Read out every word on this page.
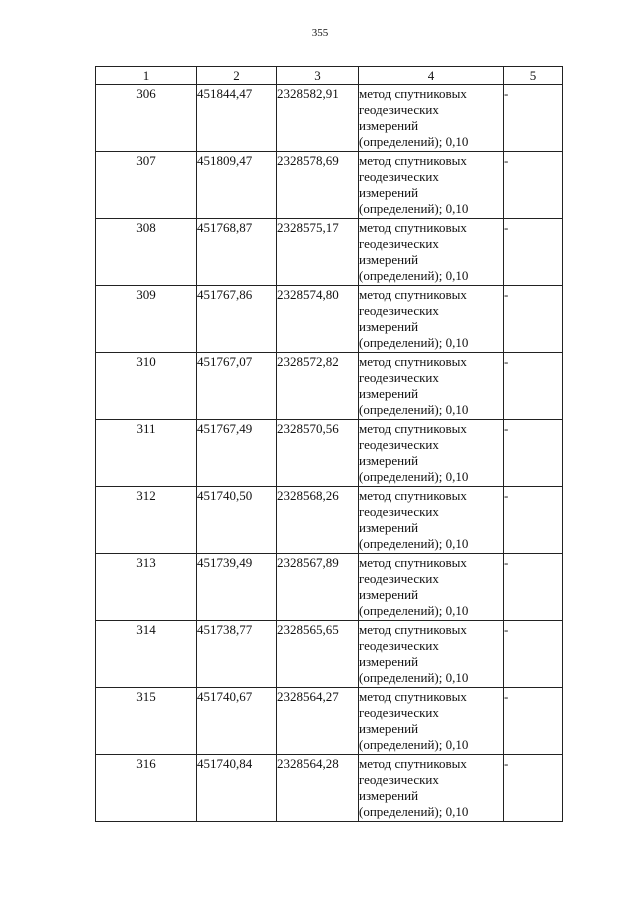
355
1	2	3	4	5
306	451844,47	2328582,91	метод спутниковых
геодезических
измерений
(определений); 0,10	-
307	451809,47	2328578,69	метод спутниковых
геодезических
измерений
(определений); 0,10	-
308	451768,87	2328575,17	метод спутниковых
геодезических
измерений
(определений); 0,10	-
309	451767,86	2328574,80	метод спутниковых
геодезических
измерений
(определений); 0,10	-
310	451767,07	2328572,82	метод спутниковых
геодезических
измерений
(определений); 0,10	-
311	451767,49	2328570,56	метод спутниковых
геодезических
измерений
(определений); 0,10	-
312	451740,50	2328568,26	метод спутниковых
геодезических
измерений
(определений); 0,10	-
313	451739,49	2328567,89	метод спутниковых
геодезических
измерений
(определений); 0,10	-
314	451738,77	2328565,65	метод спутниковых
геодезических
измерений
(определений); 0,10	-
315	451740,67	2328564,27	метод спутниковых
геодезических
измерений
(определений); 0,10	-
316	451740,84	2328564,28	метод спутниковых
геодезических
измерений
(определений); 0,10	-
